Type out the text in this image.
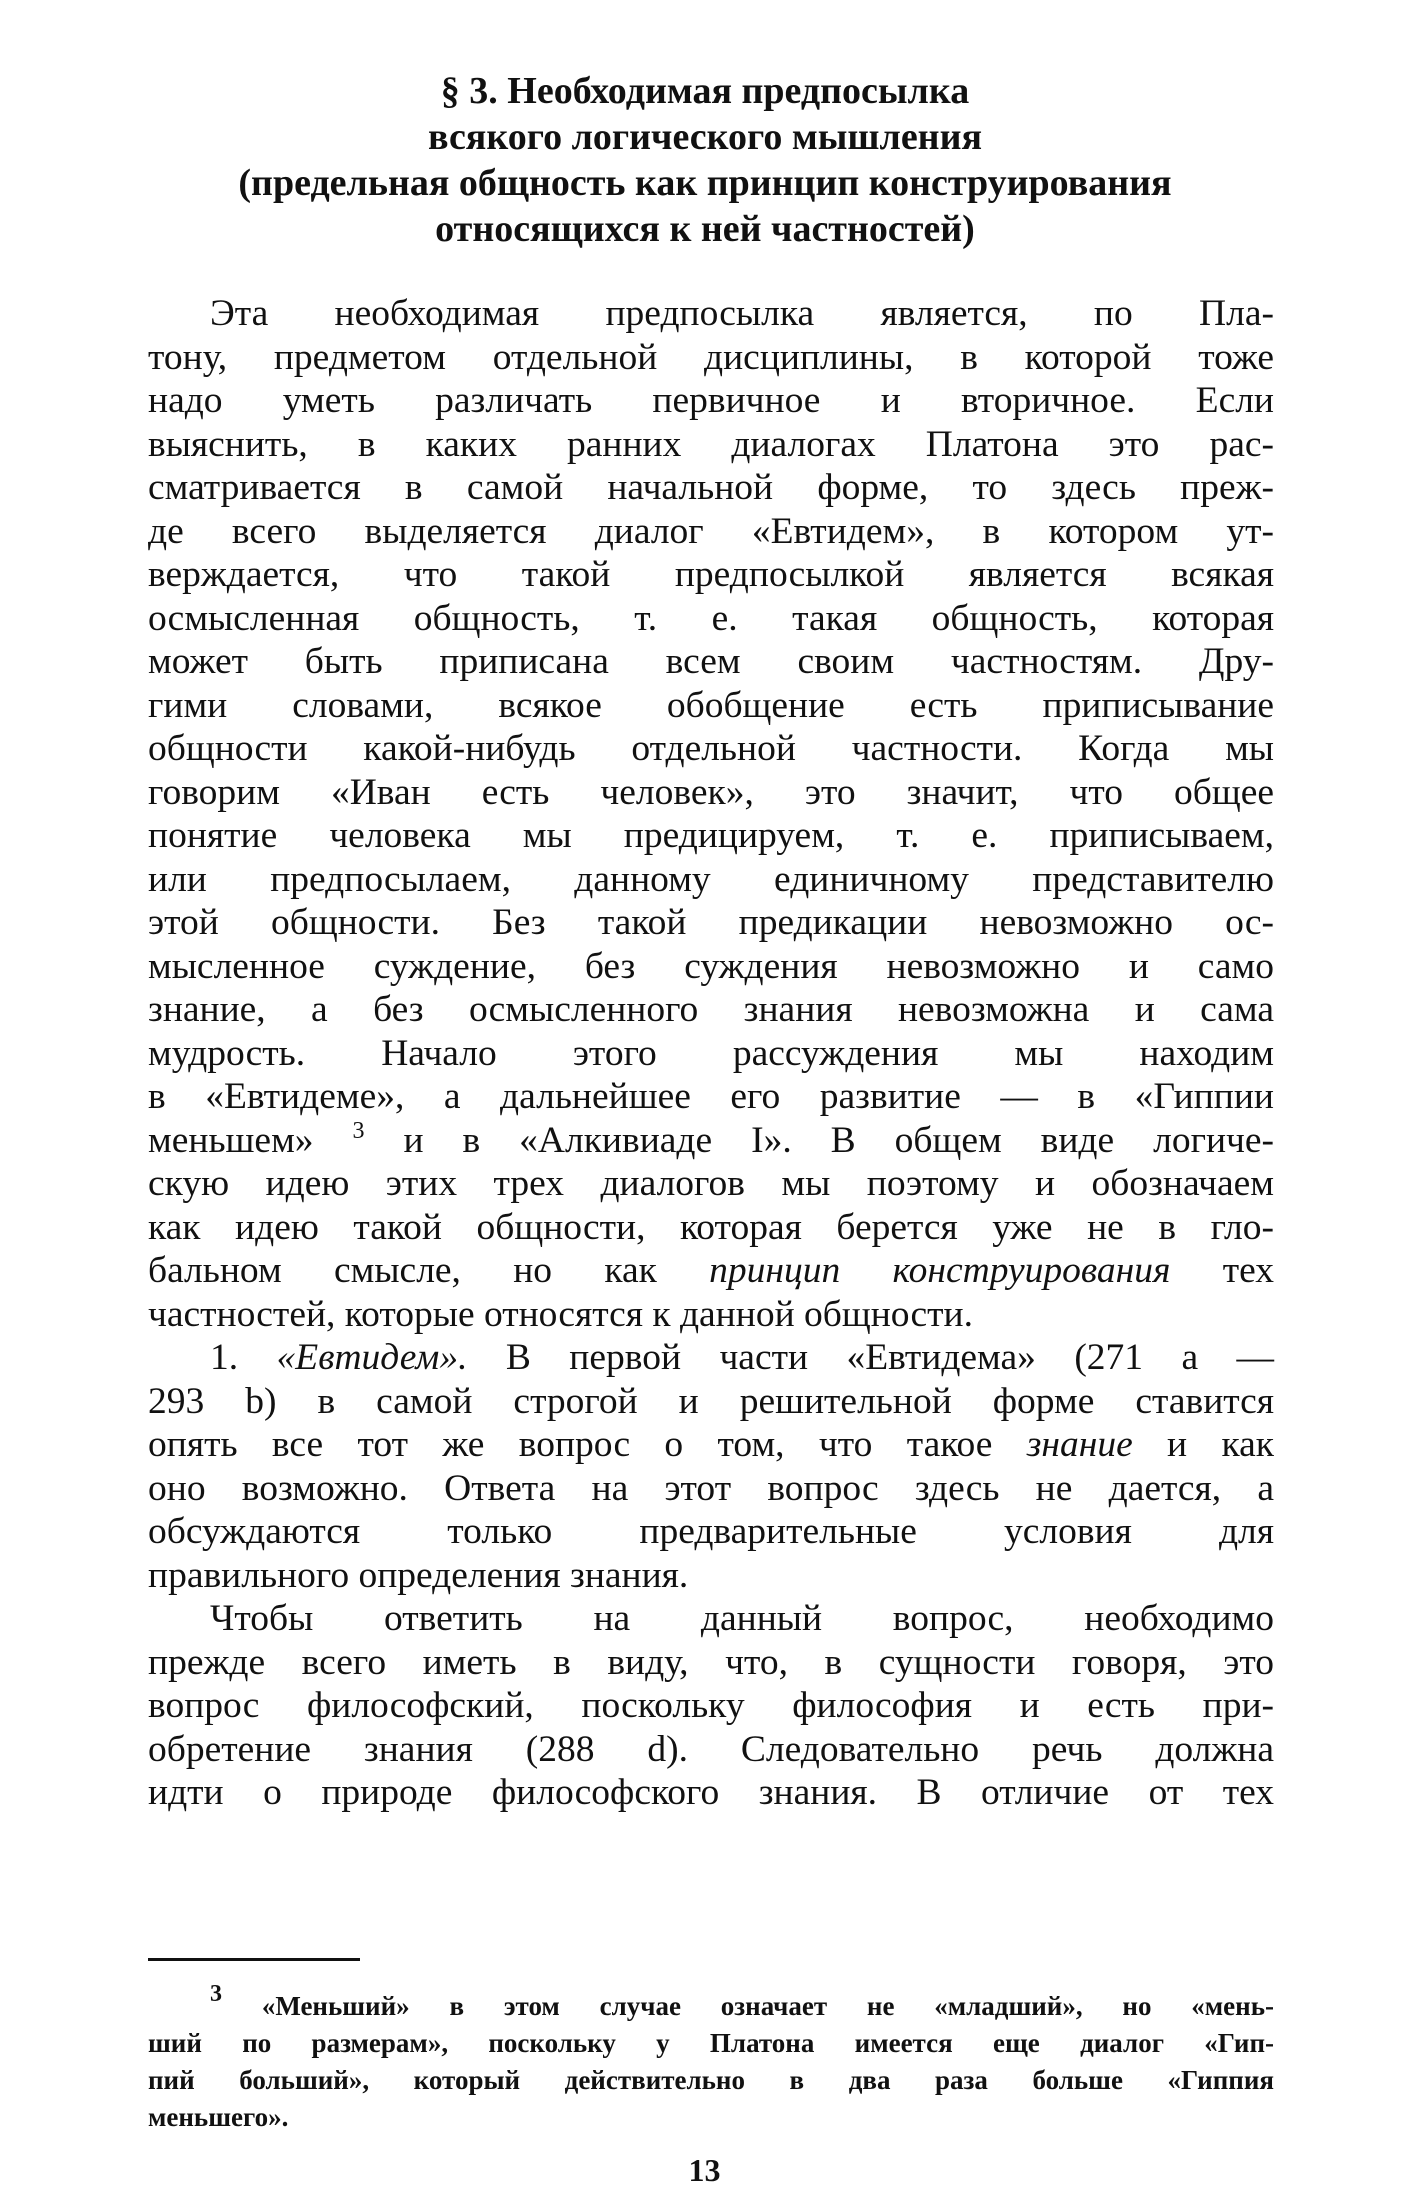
§ 3. Необходимая предпосылка
всякого логического мышления
(предельная общность как принцип конструирования
относящихся к ней частностей)
Эта необходимая предпосылка является, по Пла-
тону, предметом отдельной дисциплины, в которой тоже
надо уметь различать первичное и вторичное. Если
выяснить, в каких ранних диалогах Платона это рас-
сматривается в самой начальной форме, то здесь преж-
де всего выделяется диалог «Евтидем», в котором ут-
верждается, что такой предпосылкой является всякая
осмысленная общность, т. е. такая общность, которая
может быть приписана всем своим частностям. Дру-
гими словами, всякое обобщение есть приписывание
общности какой-нибудь отдельной частности. Когда мы
говорим «Иван есть человек», это значит, что общее
понятие человека мы предицируем, т. е. приписываем,
или предпосылаем, данному единичному представителю
этой общности. Без такой предикации невозможно ос-
мысленное суждение, без суждения невозможно и само
знание, а без осмысленного знания невозможна и сама
мудрость. Начало этого рассуждения мы находим
в «Евтидеме», а дальнейшее его развитие — в «Гиппии
меньшем» $^3$ и в «Алкивиаде I». В общем виде логиче-
скую идею этих трех диалогов мы поэтому и обозначаем
как идею такой общности, которая берется уже не в гло-
бальном смысле, но как принцип конструирования тех
частностей, которые относятся к данной общности.
1. «Евтидем». В первой части «Евтидема» (271 а —
293 b) в самой строгой и решительной форме ставится
опять все тот же вопрос о том, что такое знание и как
оно возможно. Ответа на этот вопрос здесь не дается, а
обсуждаются только предварительные условия для
правильного определения знания.
Чтобы ответить на данный вопрос, необходимо
прежде всего иметь в виду, что, в сущности говоря, это
вопрос философский, поскольку философия и есть при-
обретение знания (288 d). Следовательно речь должна
идти о природе философского знания. В отличие от тех
$^3$ «Меньший» в этом случае означает не «младший», но «мень-
ший по размерам», поскольку у Платона имеется еще диалог «Гип-
пий больший», который действительно в два раза больше «Гиппия
меньшего».
13
